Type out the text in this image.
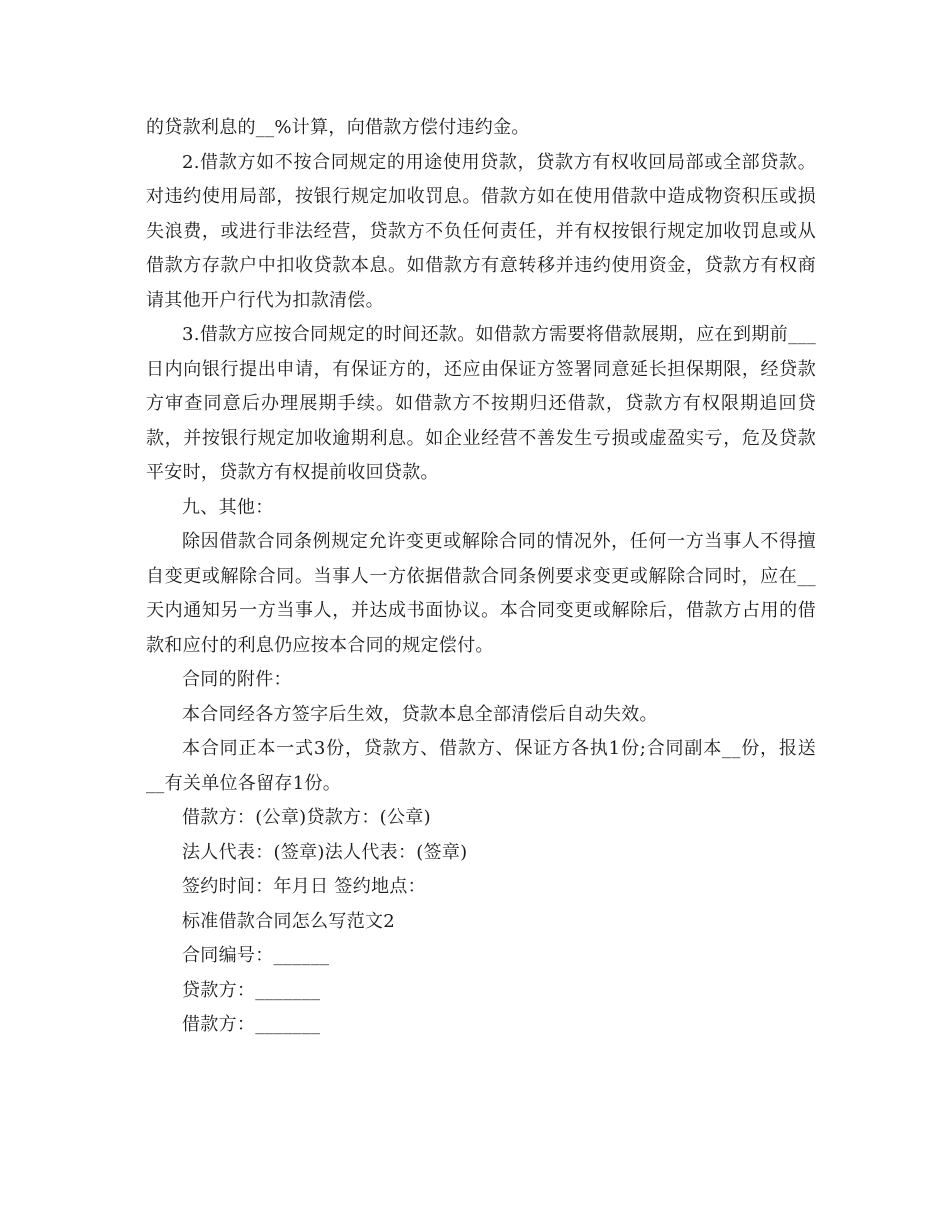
的贷款利息的__%计算，向借款方偿付违约金。

2.借款方如不按合同规定的用途使用贷款，贷款方有权收回局部或全部贷款。对违约使用局部，按银行规定加收罚息。借款方如在使用借款中造成物资积压或损失浪费，或进行非法经营，贷款方不负任何责任，并有权按银行规定加收罚息或从借款方存款户中扣收贷款本息。如借款方有意转移并违约使用资金，贷款方有权商请其他开户行代为扣款清偿。

3.借款方应按合同规定的时间还款。如借款方需要将借款展期，应在到期前___日内向银行提出申请，有保证方的，还应由保证方签署同意延长担保期限，经贷款方审查同意后办理展期手续。如借款方不按期归还借款，贷款方有权限期追回贷款，并按银行规定加收逾期利息。如企业经营不善发生亏损或虚盈实亏，危及贷款平安时，贷款方有权提前收回贷款。

九、其他：

除因借款合同条例规定允许变更或解除合同的情况外，任何一方当事人不得擅自变更或解除合同。当事人一方依据借款合同条例要求变更或解除合同时，应在__天内通知另一方当事人，并达成书面协议。本合同变更或解除后，借款方占用的借款和应付的利息仍应按本合同的规定偿付。

合同的附件：

本合同经各方签字后生效，贷款本息全部清偿后自动失效。

本合同正本一式3份，贷款方、借款方、保证方各执1份;合同副本__份，报送__有关单位各留存1份。

借款方：(公章)贷款方：(公章)

法人代表：(签章)法人代表：(签章)

签约时间：年月日 签约地点：

标准借款合同怎么写范文2

合同编号：______

贷款方：_______

借款方：_______
